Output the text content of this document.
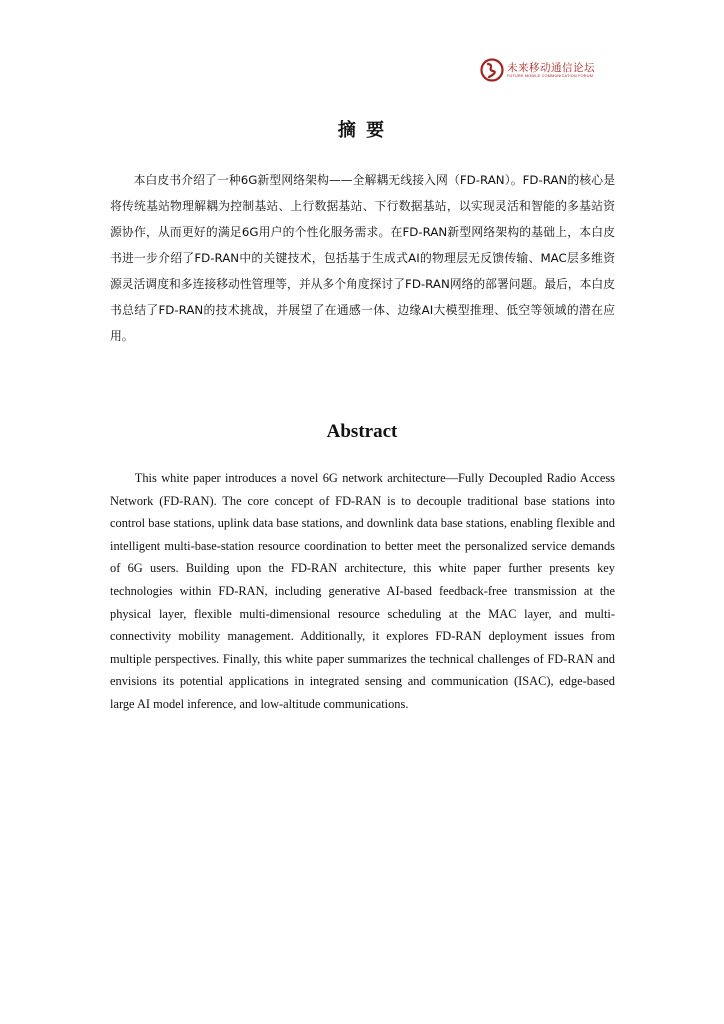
未来移动通信论坛
FUTURE MOBILE COMMUNICATION FORUM
摘 要

本白皮书介绍了一种6G新型网络架构——全解耦无线接入网（FD-RAN）。FD-RAN的核心是将传统基站物理解耦为控制基站、上行数据基站、下行数据基站，以实现灵活和智能的多基站资源协作，从而更好的满足6G用户的个性化服务需求。在FD-RAN新型网络架构的基础上，本白皮书进一步介绍了FD-RAN中的关键技术，包括基于生成式AI的物理层无反馈传输、MAC层多维资源灵活调度和多连接移动性管理等，并从多个角度探讨了FD-RAN网络的部署问题。最后，本白皮书总结了FD-RAN的技术挑战，并展望了在通感一体、边缘AI大模型推理、低空等领域的潜在应用。

Abstract

This white paper introduces a novel 6G network architecture—Fully Decoupled Radio Access Network (FD-RAN). The core concept of FD-RAN is to decouple traditional base stations into control base stations, uplink data base stations, and downlink data base stations, enabling flexible and intelligent multi-base-station resource coordination to better meet the personalized service demands of 6G users. Building upon the FD-RAN architecture, this white paper further presents key technologies within FD-RAN, including generative AI-based feedback-free transmission at the physical layer, flexible multi-dimensional resource scheduling at the MAC layer, and multi-connectivity mobility management. Additionally, it explores FD-RAN deployment issues from multiple perspectives. Finally, this white paper summarizes the technical challenges of FD-RAN and envisions its potential applications in integrated sensing and communication (ISAC), edge-based large AI model inference, and low-altitude communications.
